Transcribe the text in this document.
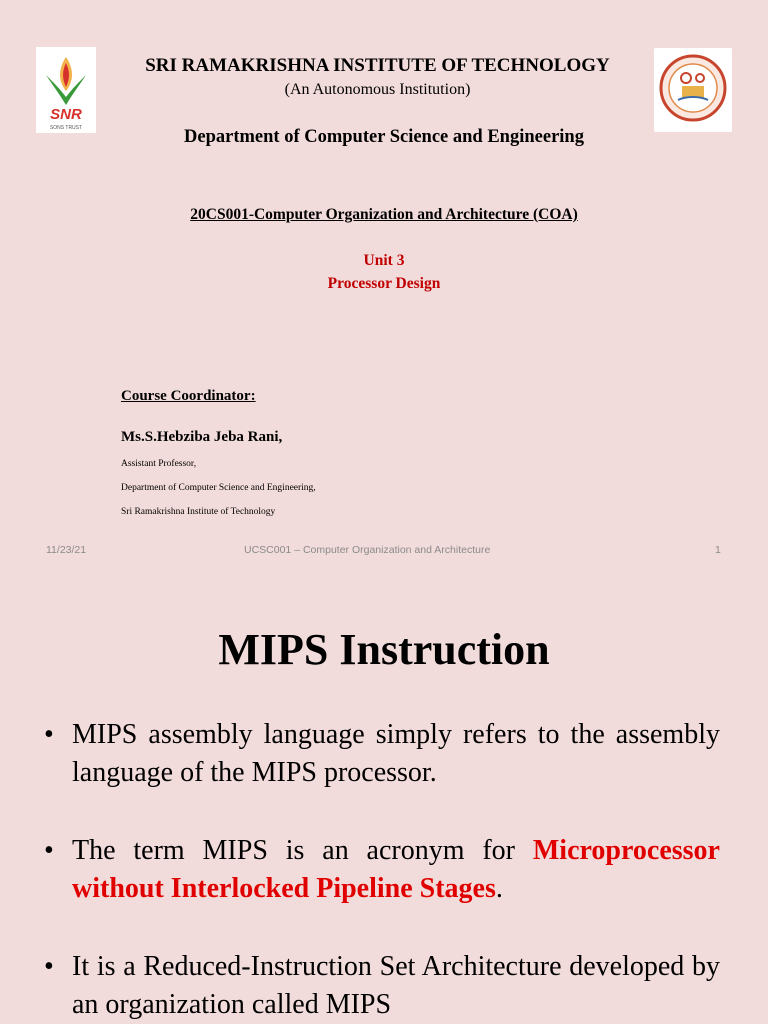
SNR
SONS TRUST
SRI RAMAKRISHNA INSTITUTE OF TECHNOLOGY
(An Autonomous Institution)
Department of Computer Science and Engineering
20CS001-Computer Organization and Architecture (COA)
Unit 3
Processor Design
Course Coordinator:
Ms.S.Hebziba Jeba Rani,
Assistant Professor,
Department of Computer Science and Engineering,
Sri Ramakrishna Institute of Technology
11/23/21	UCSC001 – Computer Organization and Architecture	1
MIPS Instruction
• MIPS assembly language simply refers to the assembly language of the MIPS processor.
• The term MIPS is an acronym for Microprocessor without Interlocked Pipeline Stages.
• It is a Reduced-Instruction Set Architecture developed by an organization called MIPS
